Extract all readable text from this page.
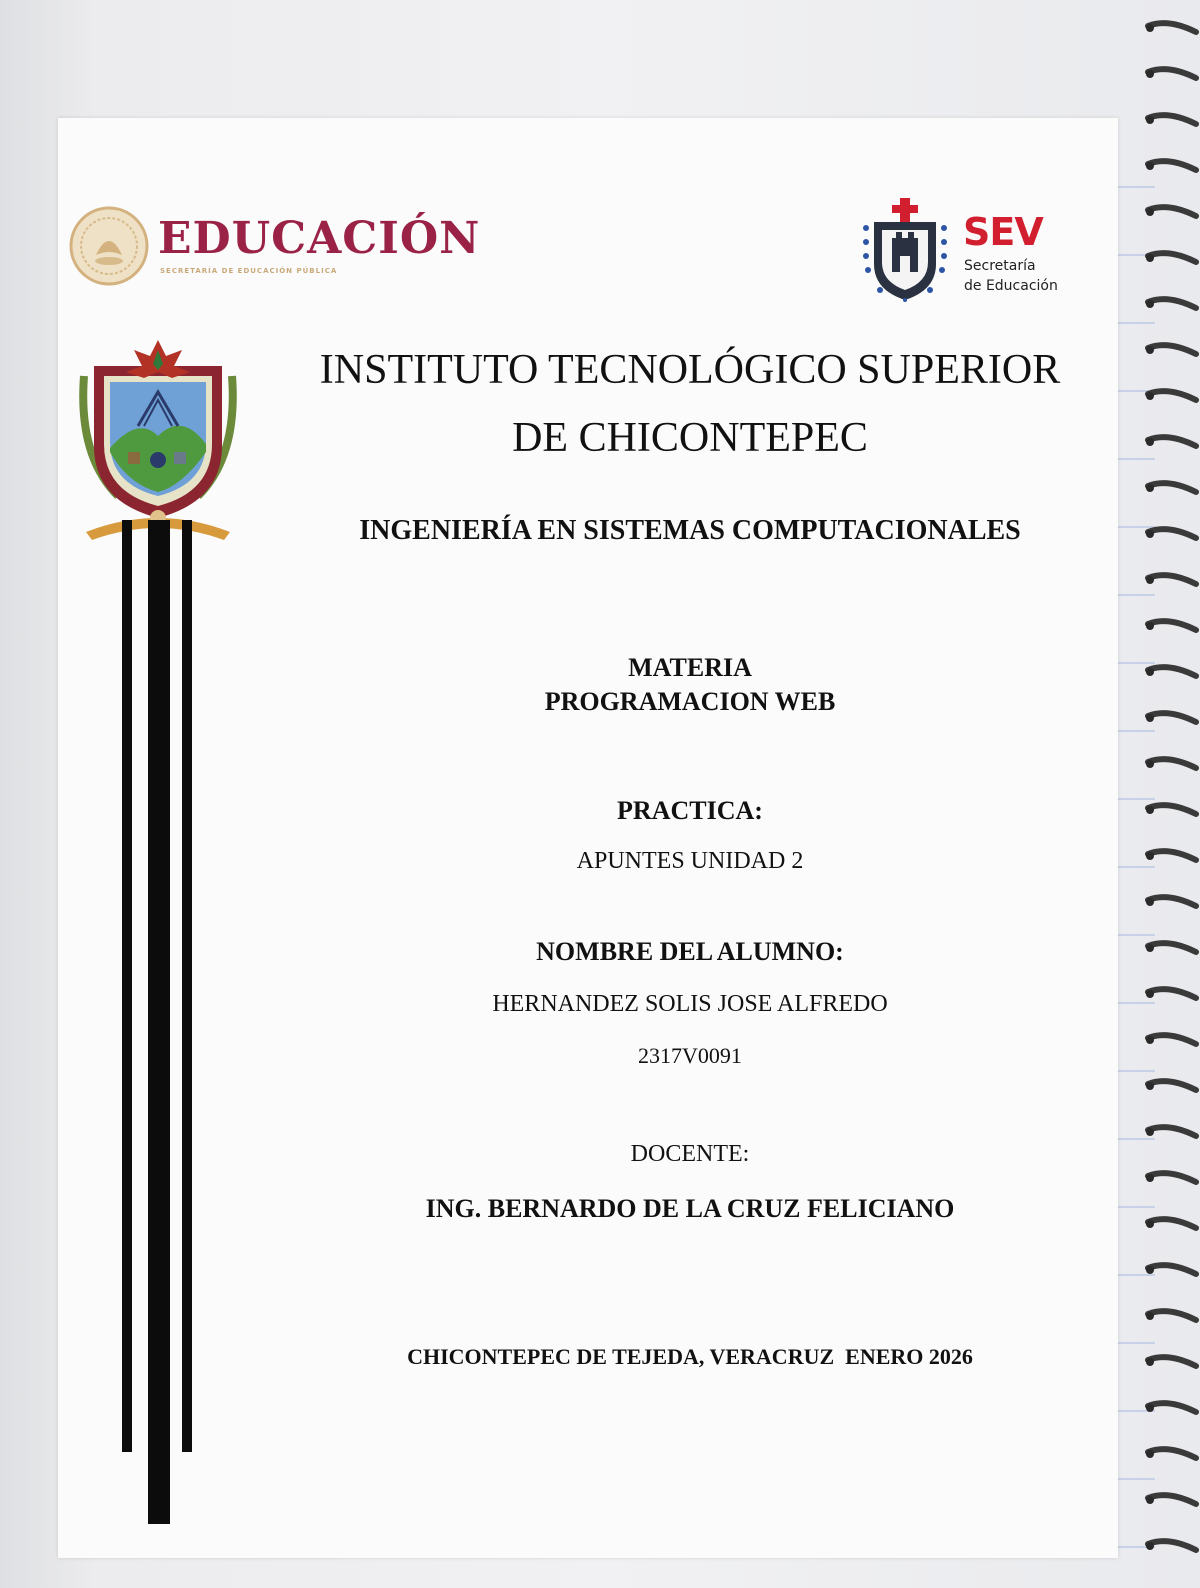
EDUCACIÓN
SECRETARÍA DE EDUCACIÓN PÚBLICA
SEV
Secretaría
de Educación
INSTITUTO TECNOLÓGICO SUPERIOR
DE CHICONTEPEC
INGENIERÍA EN SISTEMAS COMPUTACIONALES
MATERIA
PROGRAMACION WEB
PRACTICA:
APUNTES UNIDAD 2
NOMBRE DEL ALUMNO:
HERNANDEZ SOLIS JOSE ALFREDO
2317V0091
DOCENTE:
ING. BERNARDO DE LA CRUZ FELICIANO
CHICONTEPEC DE TEJEDA, VERACRUZ  ENERO 2026
